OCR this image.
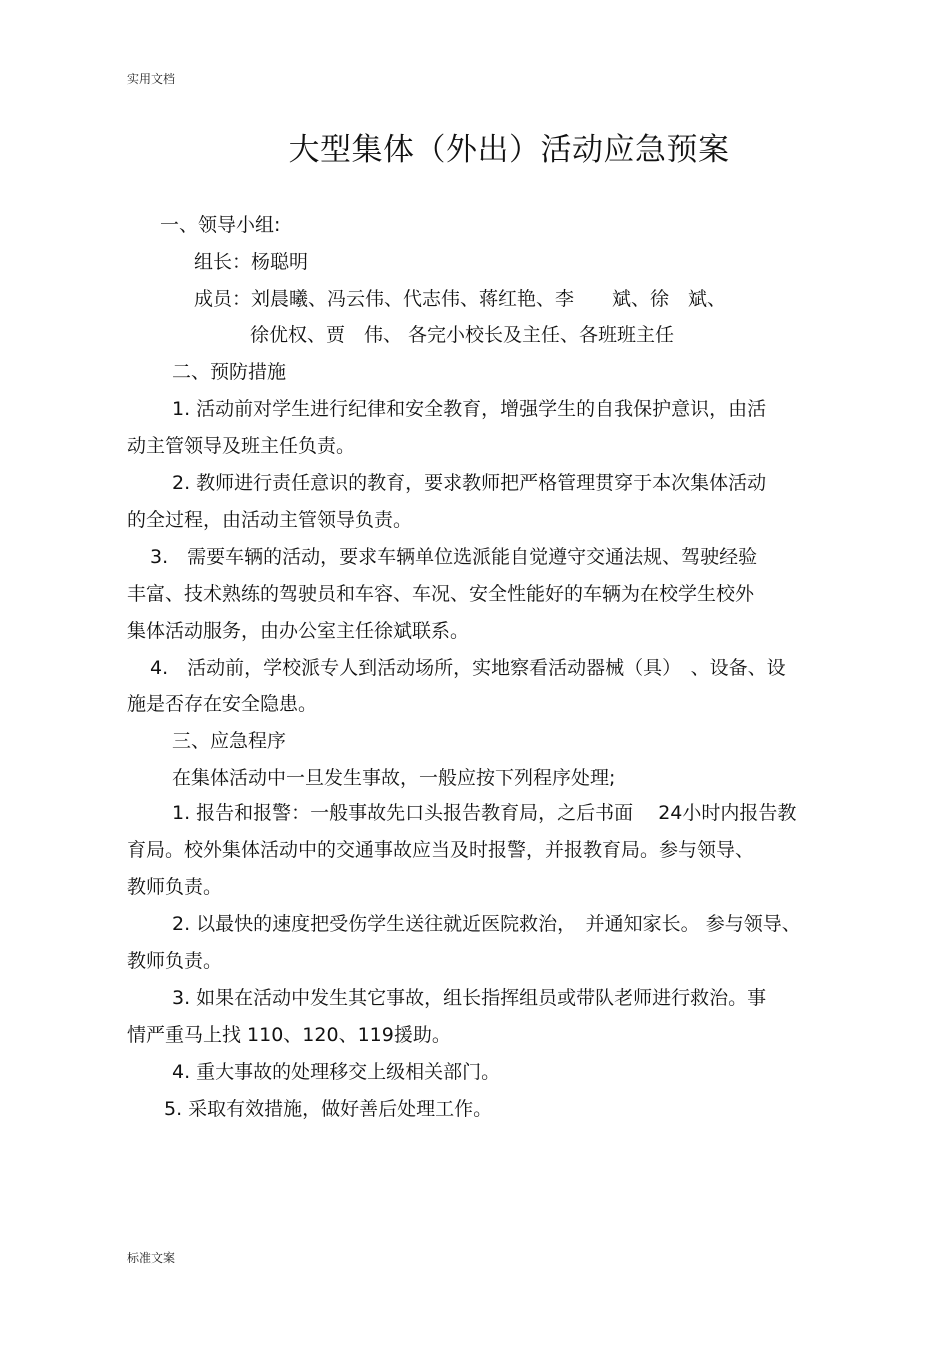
实用文档
大型集体（外出）活动应急预案
一、领导小组:
组长：杨聪明
成员：刘晨曦、冯云伟、代志伟、蒋红艳、李　　斌、徐　斌、
徐优权、贾　伟、 各完小校长及主任、各班班主任
二、预防措施
1. 活动前对学生进行纪律和安全教育，增强学生的自我保护意识，由活
动主管领导及班主任负责。
2. 教师进行责任意识的教育，要求教师把严格管理贯穿于本次集体活动
的全过程，由活动主管领导负责。
3.　需要车辆的活动，要求车辆单位选派能自觉遵守交通法规、驾驶经验
丰富、技术熟练的驾驶员和车容、车况、安全性能好的车辆为在校学生校外
集体活动服务，由办公室主任徐斌联系。
4.　活动前，学校派专人到活动场所，实地察看活动器械（具）　、设备、设
施是否存在安全隐患。
三、应急程序
在集体活动中一旦发生事故，一般应按下列程序处理;
1. 报告和报警：一般事故先口头报告教育局，之后书面　 24小时内报告教
育局。校外集体活动中的交通事故应当及时报警，并报教育局。参与领导、
教师负责。
2. 以最快的速度把受伤学生送往就近医院救治，　并通知家长。 参与领导、
教师负责。
3. 如果在活动中发生其它事故，组长指挥组员或带队老师进行救治。事
情严重马上找 110、120、119援助。
4. 重大事故的处理移交上级相关部门。
5. 采取有效措施，做好善后处理工作。
标准文案
